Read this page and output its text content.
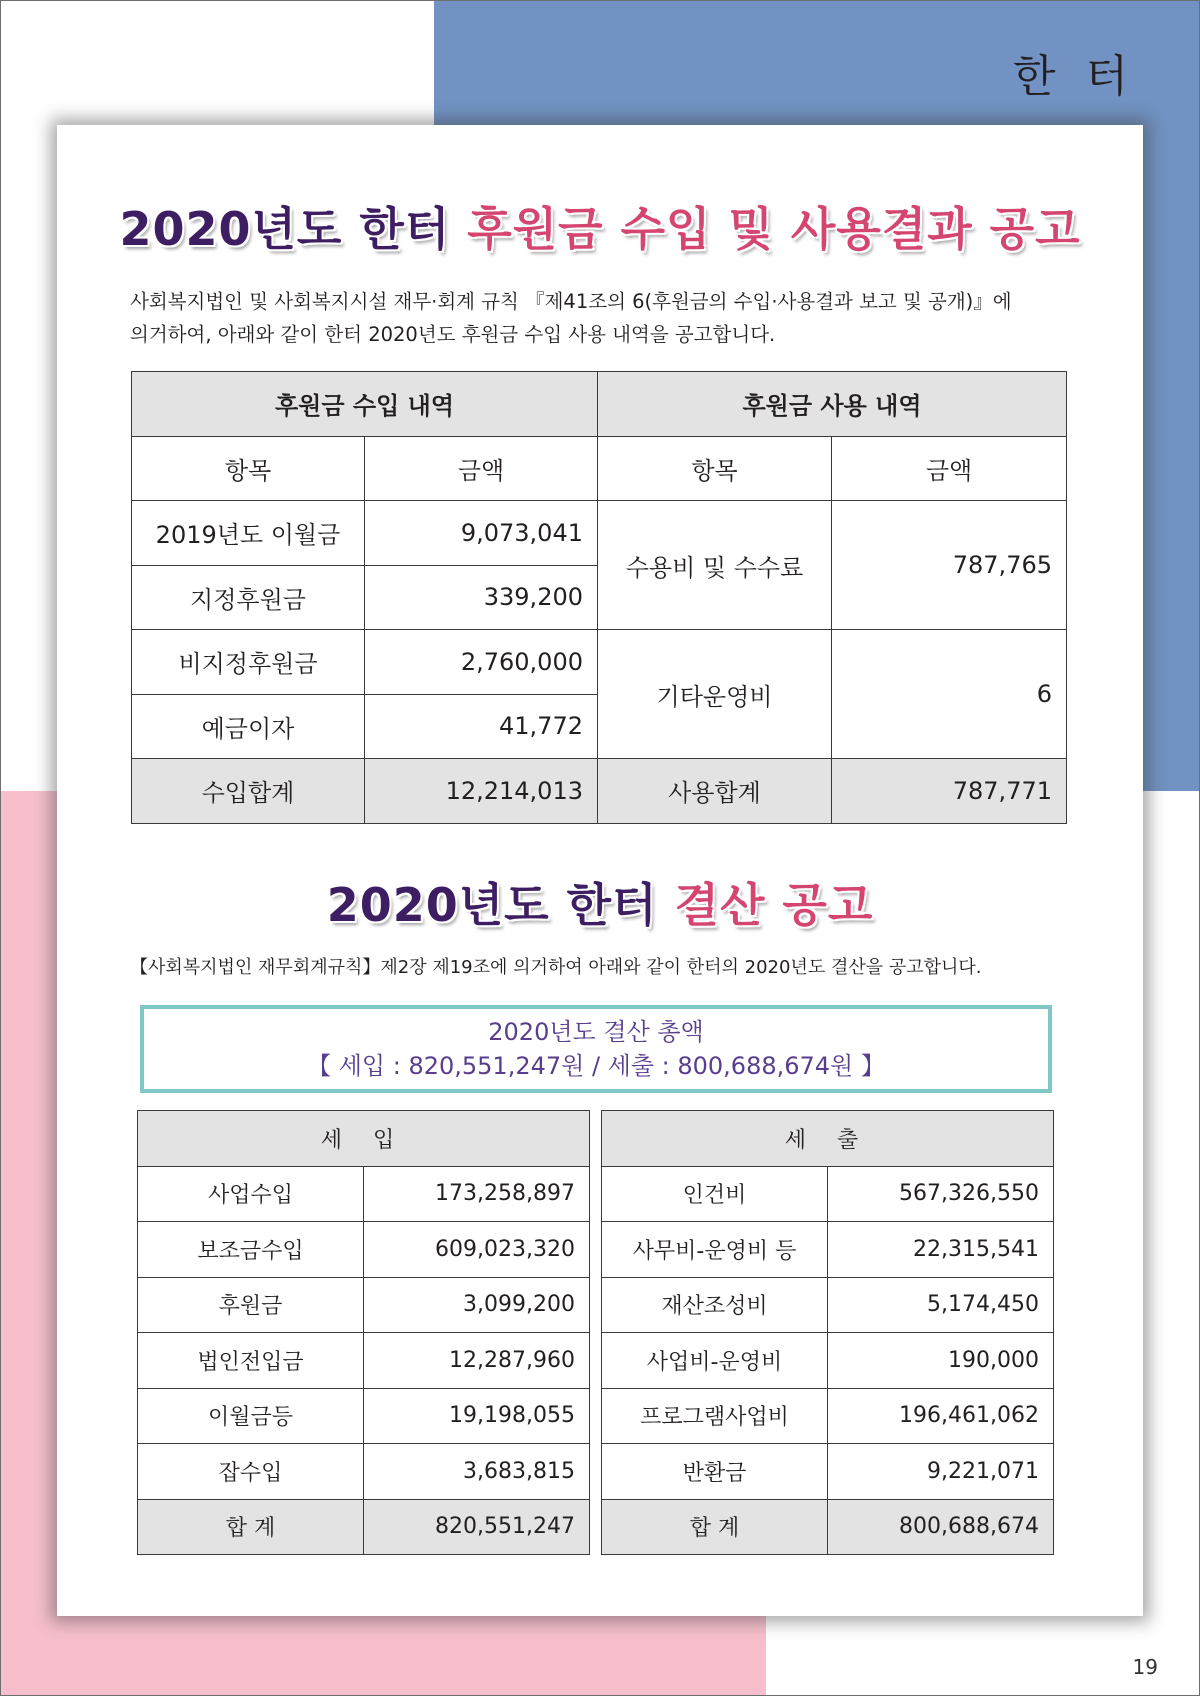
한 터
2020년도 한터 후원금 수입 및 사용결과 공고

사회복지법인 및 사회복지시설 재무·회계 규칙 『제41조의 6(후원금의 수입·사용결과 보고 및 공개)』에
의거하여, 아래와 같이 한터 2020년도 후원금 수입 사용 내역을 공고합니다.

후원금 수입 내역		후원금 사용 내역	
항목	금액	항목	금액
2019년도 이월금	9,073,041	수용비 및 수수료	787,765
지정후원금	339,200		
비지정후원금	2,760,000	기타운영비	6
예금이자	41,772		
수입합계	12,214,013	사용합계	787,771
2020년도 한터 결산 공고

【사회복지법인 재무회계규칙】제2장 제19조에 의거하여 아래와 같이 한터의 2020년도 결산을 공고합니다.

2020년도 결산 총액
【 세입 : 820,551,247원 / 세출 : 800,688,674원 】
세 입	
사업수입	173,258,897
보조금수입	609,023,320
후원금	3,099,200
법인전입금	12,287,960
이월금등	19,198,055
잡수입	3,683,815
합 계	820,551,247
세 출	
인건비	567,326,550
사무비-운영비 등	22,315,541
재산조성비	5,174,450
사업비-운영비	190,000
프로그램사업비	196,461,062
반환금	9,221,071
합 계	800,688,674
19
